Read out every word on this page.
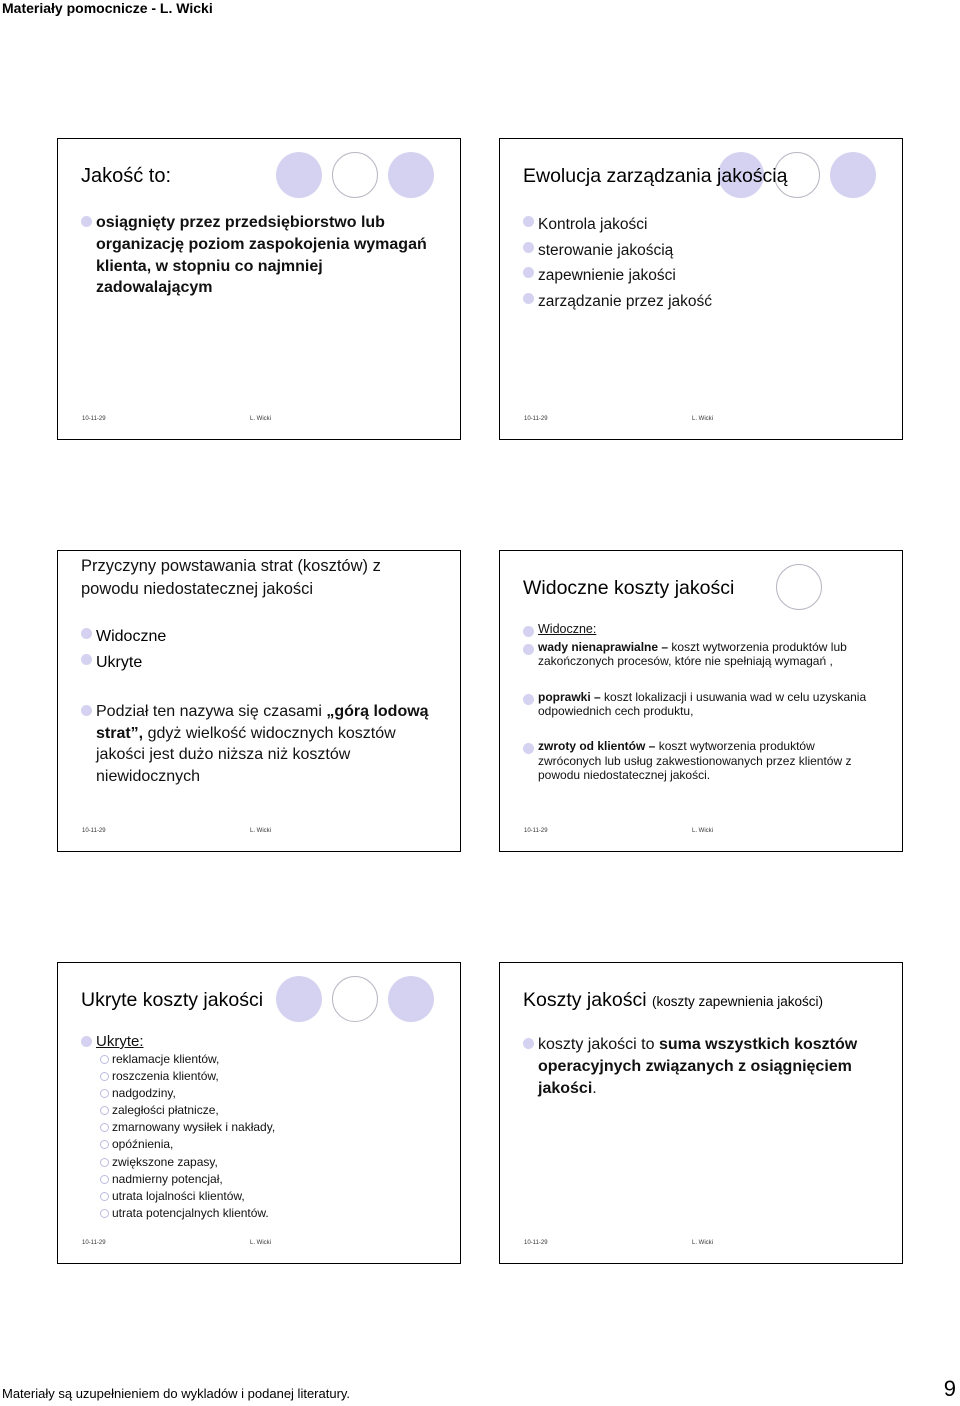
Materiały pomocnicze - L. Wicki
Jakość to:
osiągnięty przez przedsiębiorstwo lub organizację poziom zaspokojenia wymagań klienta, w stopniu co najmniej zadowalającym
10-11-29	L. Wicki
Ewolucja zarządzania jakością
Kontrola jakości
sterowanie jakością
zapewnienie jakości
zarządzanie przez jakość
10-11-29	L. Wicki
Przyczyny powstawania strat (kosztów) z powodu niedostatecznej jakości
Widoczne
Ukryte
Podział ten nazywa się czasami „górą lodową strat”, gdyż wielkość widocznych kosztów jakości jest dużo niższa niż kosztów niewidocznych
10-11-29	L. Wicki
Widoczne koszty jakości
Widoczne:
wady nienaprawialne – koszt wytworzenia produktów lub zakończonych procesów, które nie spełniają wymagań ,
poprawki – koszt lokalizacji i usuwania wad w celu uzyskania odpowiednich cech produktu,
zwroty od klientów – koszt wytworzenia produktów zwróconych lub usług zakwestionowanych przez klientów z powodu niedostatecznej jakości.
10-11-29	L. Wicki
Ukryte koszty jakości
Ukryte:
reklamacje klientów,
roszczenia klientów,
nadgodziny,
zaległości płatnicze,
zmarnowany wysiłek i nakłady,
opóźnienia,
zwiększone zapasy,
nadmierny potencjał,
utrata lojalności klientów,
utrata potencjalnych klientów.
10-11-29	L. Wicki
Koszty jakości (koszty zapewnienia jakości)
koszty jakości to suma wszystkich kosztów operacyjnych związanych z osiągnięciem jakości.
10-11-29	L. Wicki
Materiały są uzupełnieniem do wykladów i podanej literatury.	9
